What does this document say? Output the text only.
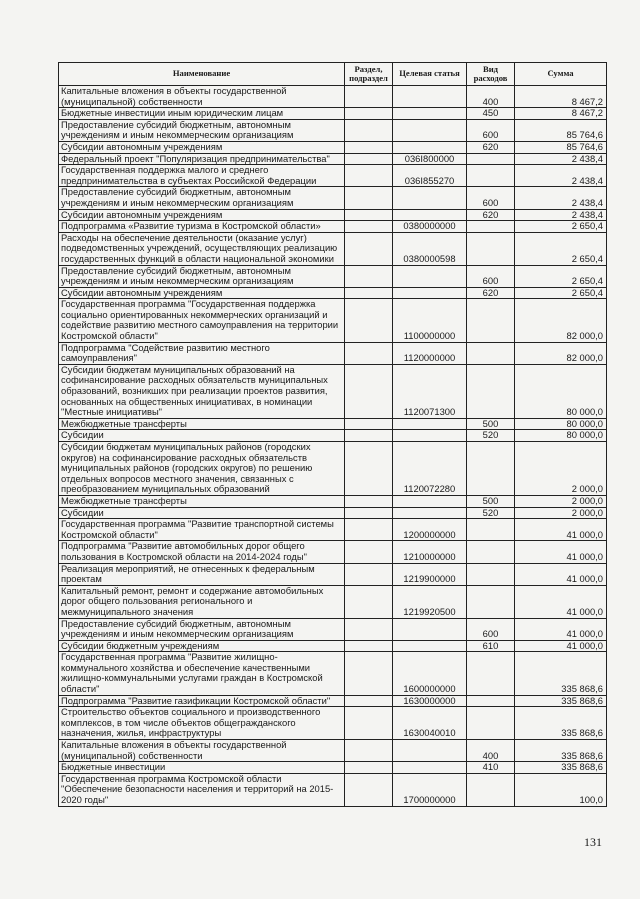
Наименование	Раздел, подраздел	Целевая статья	Вид расходов	Сумма
Капитальные вложения в объекты государственной
(муниципальной) собственности			400	8 467,2
Бюджетные инвестиции иным юридическим лицам			450	8 467,2
Предоставление субсидий бюджетным, автономным
учреждениям и иным некоммерческим организациям			600	85 764,6
Субсидии автономным учреждениям			620	85 764,6
Федеральный проект "Популяризация предпринимательства"		036I800000		2 438,4
Государственная поддержка малого и среднего
предпринимательства в субъектах Российской Федерации		036I855270		2 438,4
Предоставление субсидий бюджетным, автономным
учреждениям и иным некоммерческим организациям			600	2 438,4
Субсидии автономным учреждениям			620	2 438,4
Подпрограмма «Развитие туризма в Костромской области»		0380000000		2 650,4
Расходы на обеспечение деятельности (оказание услуг)
подведомственных учреждений, осуществляющих реализацию
государственных функций в области национальной экономики		0380000598		2 650,4
Предоставление субсидий бюджетным, автономным
учреждениям и иным некоммерческим организациям			600	2 650,4
Субсидии автономным учреждениям			620	2 650,4
Государственная программа "Государственная поддержка
социально ориентированных некоммерческих организаций и
содействие развитию местного самоуправления на территории
Костромской области"		1100000000		82 000,0
Подпрограмма "Содействие развитию местного
самоуправления"		1120000000		82 000,0
Субсидии бюджетам муниципальных образований на
софинансирование расходных обязательств муниципальных
образований, возникших при реализации проектов развития,
основанных на общественных инициативах, в номинации
"Местные инициативы"		1120071300		80 000,0
Межбюджетные трансферты			500	80 000,0
Субсидии			520	80 000,0
Субсидии бюджетам муниципальных районов (городских
округов) на софинансирование расходных обязательств
муниципальных районов (городских округов) по решению
отдельных вопросов местного значения, связанных с
преобразованием муниципальных образований		1120072280		2 000,0
Межбюджетные трансферты			500	2 000,0
Субсидии			520	2 000,0
Государственная программа "Развитие транспортной системы
Костромской области"		1200000000		41 000,0
Подпрограмма "Развитие автомобильных дорог общего
пользования в Костромской области на 2014-2024 годы"		1210000000		41 000,0
Реализация мероприятий, не отнесенных к федеральным
проектам		1219900000		41 000,0
Капитальный ремонт, ремонт и содержание автомобильных
дорог общего пользования регионального и
межмуниципального значения		1219920500		41 000,0
Предоставление субсидий бюджетным, автономным
учреждениям и иным некоммерческим организациям			600	41 000,0
Субсидии бюджетным учреждениям			610	41 000,0
Государственная программа "Развитие жилищно-
коммунального хозяйства и обеспечение качественными
жилищно-коммунальными услугами граждан в Костромской
области"		1600000000		335 868,6
Подпрограмма "Развитие газификации Костромской области"		1630000000		335 868,6
Строительство объектов социального и производственного
комплексов, в том числе объектов общегражданского
назначения, жилья, инфраструктуры		1630040010		335 868,6
Капитальные вложения в объекты государственной
(муниципальной) собственности			400	335 868,6
Бюджетные инвестиции			410	335 868,6
Государственная программа Костромской области
"Обеспечение безопасности населения и территорий на 2015-
2020 годы"		1700000000		100,0
131
